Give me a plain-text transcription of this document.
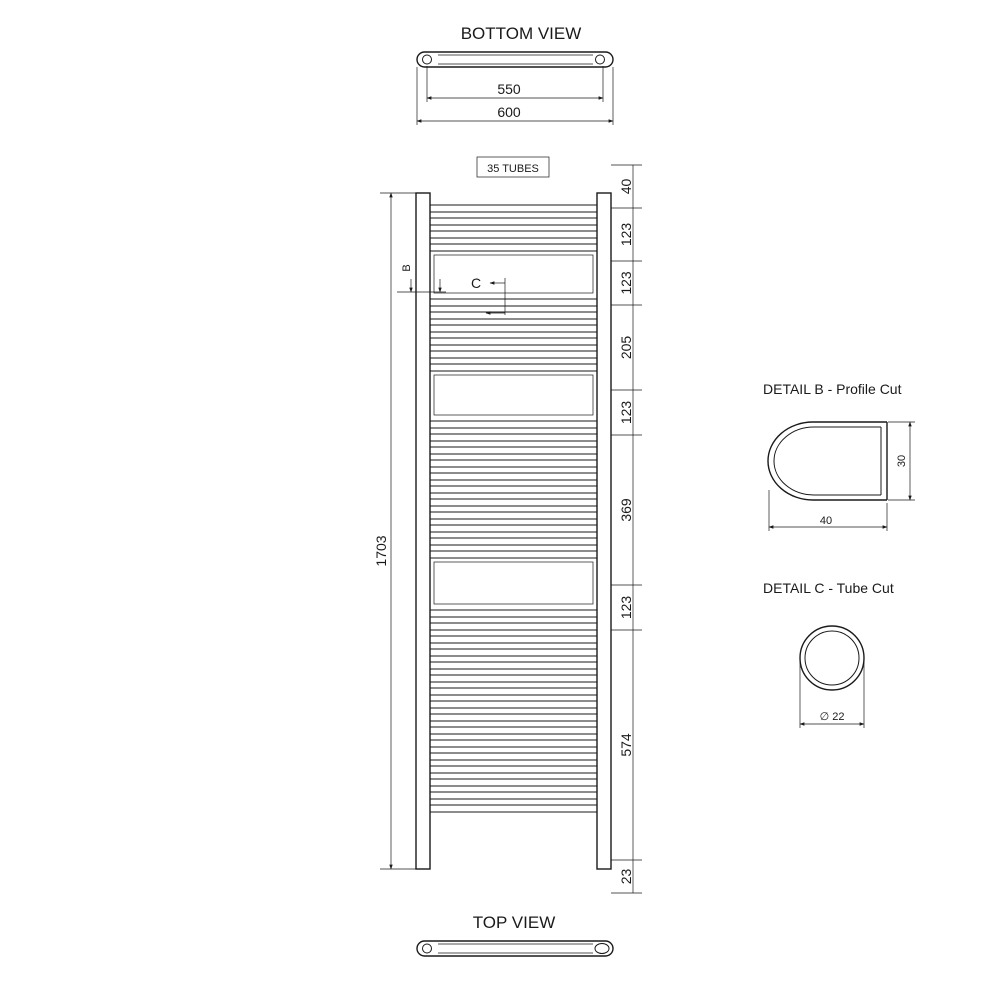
BOTTOM VIEW
550
600
35 TUBES
1703
B
C
40
123
123
205
123
369
123
574
23
TOP VIEW
DETAIL B - Profile Cut
40
30
DETAIL C - Tube Cut
∅ 22
